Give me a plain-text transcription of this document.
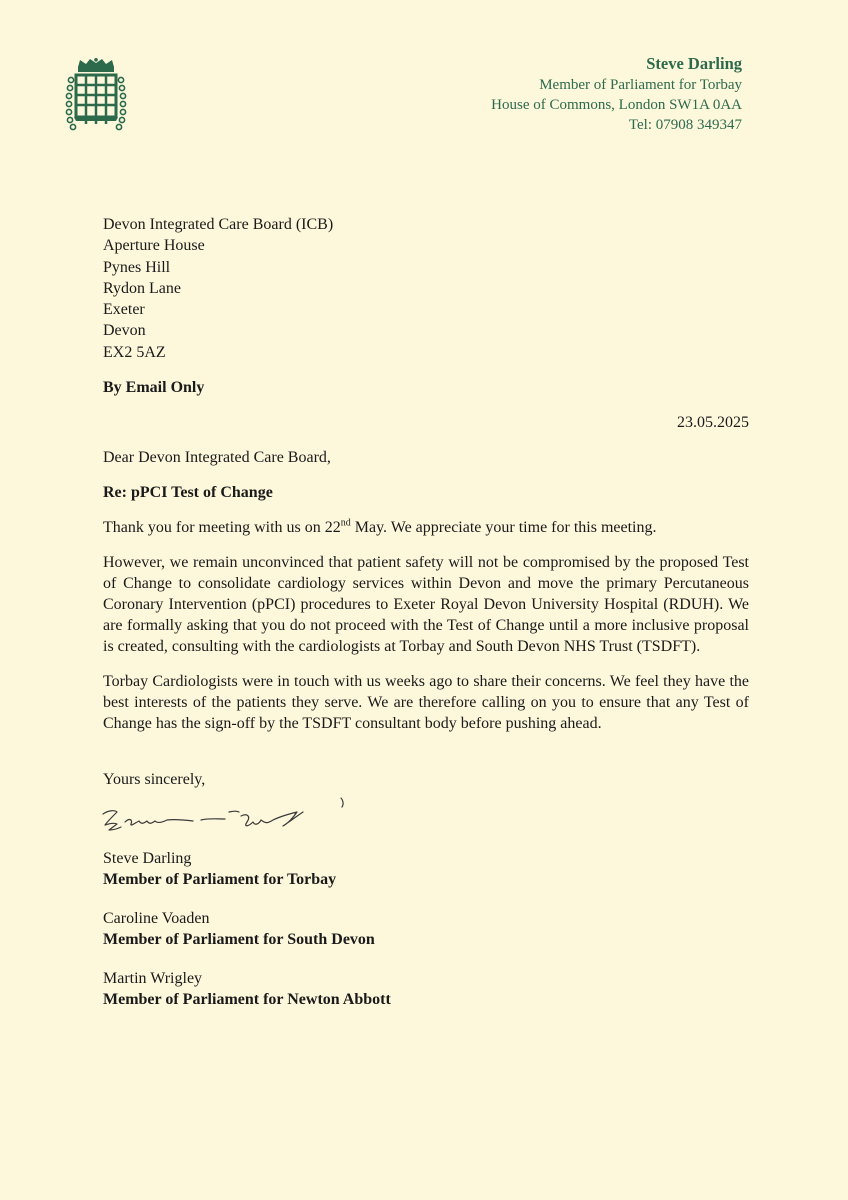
Steve Darling
Member of Parliament for Torbay
House of Commons, London SW1A 0AA
Tel: 07908 349347
Devon Integrated Care Board (ICB)
Aperture House
Pynes Hill
Rydon Lane
Exeter
Devon
EX2 5AZ
By Email Only
23.05.2025
Dear Devon Integrated Care Board,
Re: pPCI Test of Change

Thank you for meeting with us on 22nd May. We appreciate your time for this meeting.

However, we remain unconvinced that patient safety will not be compromised by the proposed Test of Change to consolidate cardiology services within Devon and move the primary Percutaneous Coronary Intervention (pPCI) procedures to Exeter Royal Devon University Hospital (RDUH). We are formally asking that you do not proceed with the Test of Change until a more inclusive proposal is created, consulting with the cardiologists at Torbay and South Devon NHS Trust (TSDFT).

Torbay Cardiologists were in touch with us weeks ago to share their concerns. We feel they have the best interests of the patients they serve. We are therefore calling on you to ensure that any Test of Change has the sign-off by the TSDFT consultant body before pushing ahead.

Yours sincerely,
Steve Darling
Member of Parliament for Torbay
Caroline Voaden
Member of Parliament for South Devon
Martin Wrigley
Member of Parliament for Newton Abbott
